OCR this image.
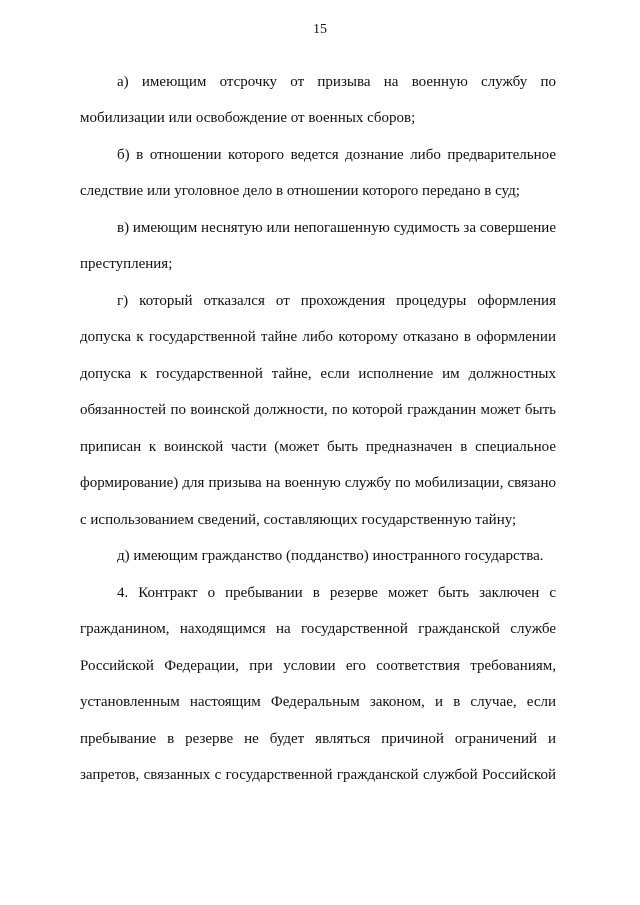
15
а) имеющим отсрочку от призыва на военную службу по
мобилизации или освобождение от военных сборов;
б) в отношении которого ведется дознание либо предварительное
следствие или уголовное дело в отношении которого передано в суд;
в) имеющим неснятую или непогашенную судимость за совершение
преступления;
г) который отказался от прохождения процедуры оформления
допуска к государственной тайне либо которому отказано в оформлении
допуска к государственной тайне, если исполнение им должностных
обязанностей по воинской должности, по которой гражданин может быть
приписан к воинской части (может быть предназначен в специальное
формирование) для призыва на военную службу по мобилизации, связано
с использованием сведений, составляющих государственную тайну;
д) имеющим гражданство (подданство) иностранного государства.
4. Контракт о пребывании в резерве может быть заключен с
гражданином, находящимся на государственной гражданской службе
Российской Федерации, при условии его соответствия требованиям,
установленным настоящим Федеральным законом, и в случае, если
пребывание в резерве не будет являться причиной ограничений и
запретов, связанных с государственной гражданской службой Российской
